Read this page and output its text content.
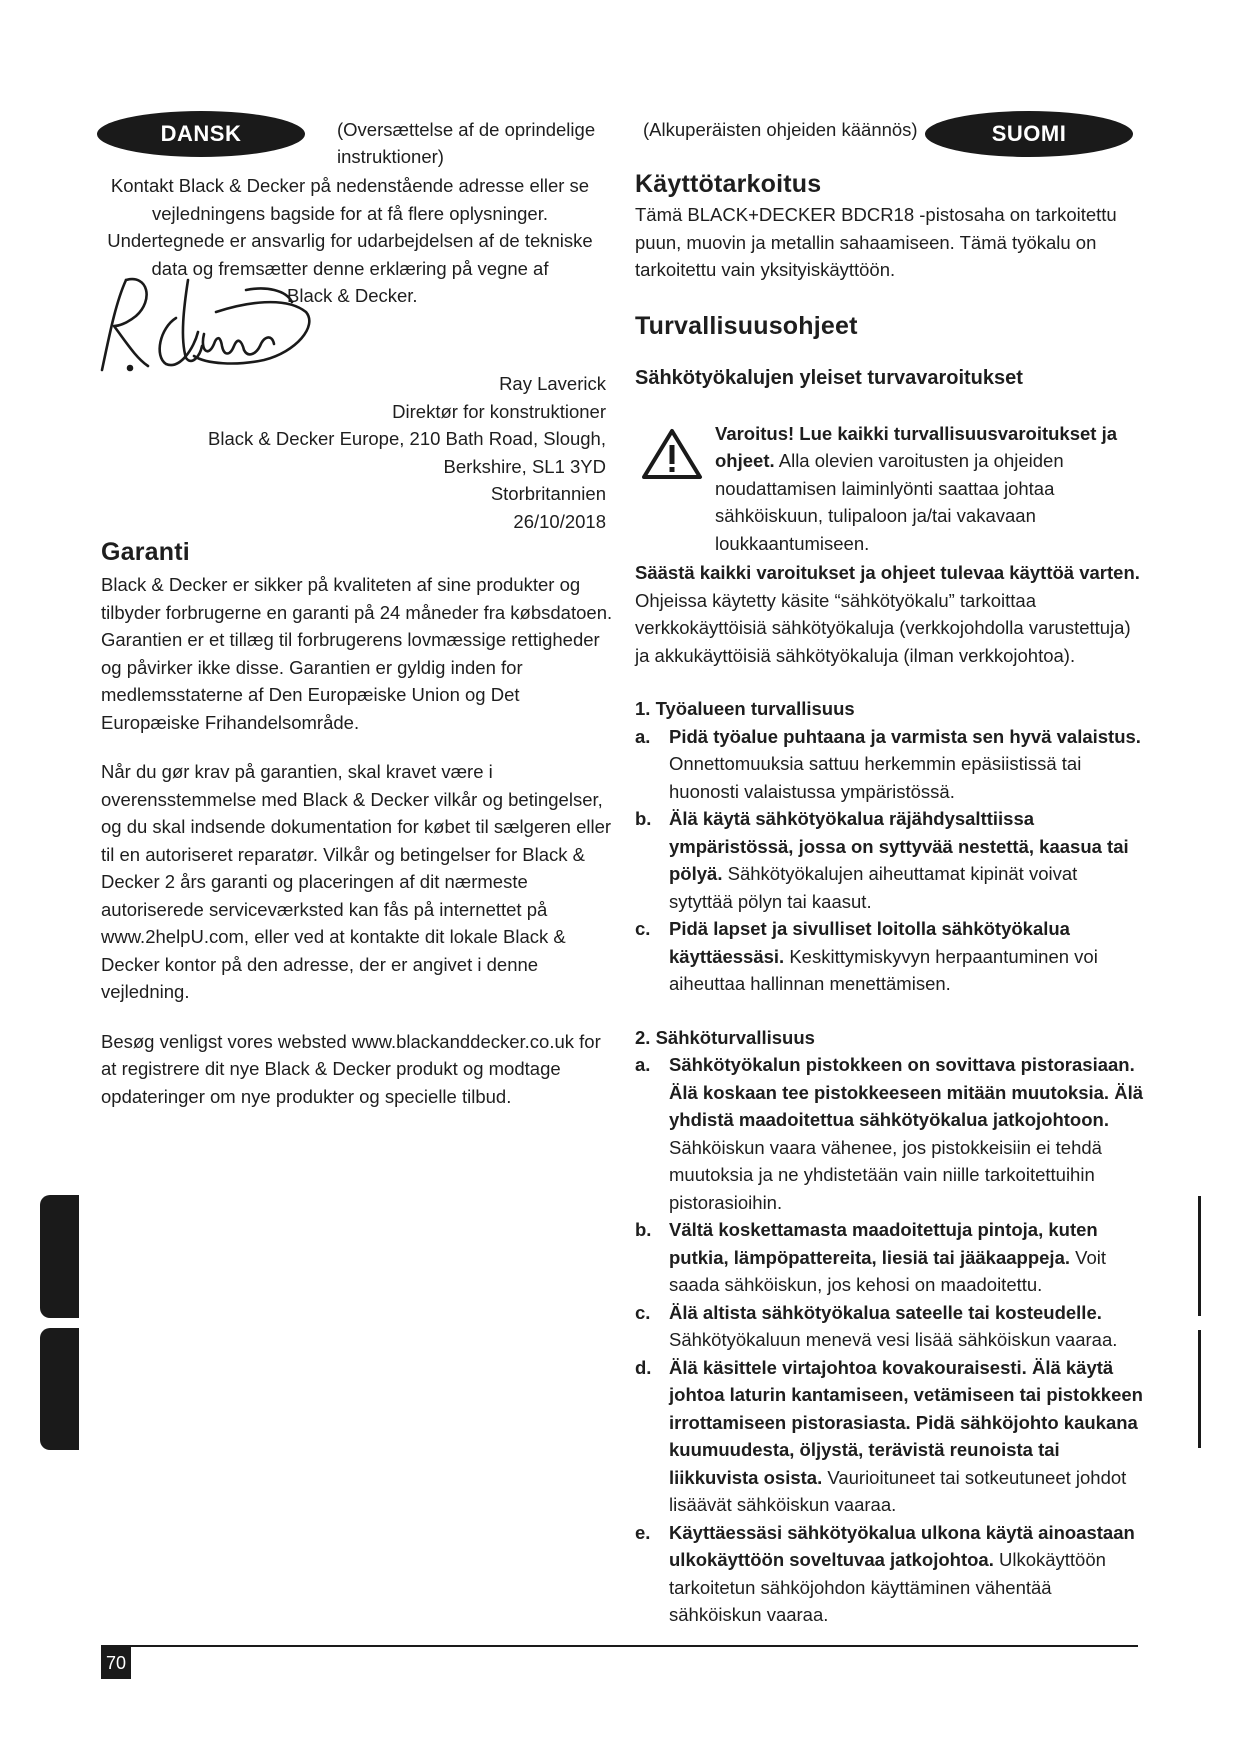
DANSK	SUOMI

(Oversættelse af de oprindelige instruktioner)

Kontakt Black & Decker på nedenstående adresse eller se

vejledningens bagside for at få flere oplysninger.

Undertegnede er ansvarlig for udarbejdelsen af de tekniske

data og fremsætter denne erklæring på vegne af

Black & Decker.

Ray Laverick

Direktør for konstruktioner

Black & Decker Europe, 210 Bath Road, Slough,

Berkshire, SL1 3YD

Storbritannien

26/10/2018

Garanti

Black & Decker er sikker på kvaliteten af sine produkter og tilbyder forbrugerne en garanti på 24 måneder fra købsdatoen. Garantien er et tillæg til forbrugerens lovmæssige rettigheder og påvirker ikke disse. Garantien er gyldig inden for medlemsstaterne af Den Europæiske Union og Det Europæiske Frihandelsområde.

Når du gør krav på garantien, skal kravet være i overensstemmelse med Black & Decker vilkår og betingelser, og du skal indsende dokumentation for købet til sælgeren eller til en autoriseret reparatør. Vilkår og betingelser for Black & Decker 2 års garanti og placeringen af dit nærmeste autoriserede serviceværksted kan fås på internettet på www.2helpU.com, eller ved at kontakte dit lokale Black & Decker kontor på den adresse, der er angivet i denne vejledning.

Besøg venligst vores websted www.blackanddecker.co.uk for at registrere dit nye Black & Decker produkt og modtage opdateringer om nye produkter og specielle tilbud.

(Alkuperäisten ohjeiden käännös)

Käyttötarkoitus

Tämä BLACK+DECKER BDCR18 -pistosaha on tarkoitettu puun, muovin ja metallin sahaamiseen. Tämä työkalu on tarkoitettu vain yksityiskäyttöön.

Turvallisuusohjeet
Sähkötyökalujen yleiset turvavaroitukset

Varoitus! Lue kaikki turvallisuusvaroitukset ja ohjeet. Alla olevien varoitusten ja ohjeiden noudattamisen laiminlyönti saattaa johtaa sähköiskuun, tulipaloon ja/tai vakavaan loukkaantumiseen.

Säästä kaikki varoitukset ja ohjeet tulevaa käyttöä varten.

Ohjeissa käytetty käsite “sähkötyökalu” tarkoittaa verkkokäyttöisiä sähkötyökaluja (verkkojohdolla varustettuja) ja akkukäyttöisiä sähkötyökaluja (ilman verkkojohtoa).

1. Työalueen turvallisuus

a. Pidä työalue puhtaana ja varmista sen hyvä valaistus. Onnettomuuksia sattuu herkemmin epäsiistissä tai huonosti valaistussa ympäristössä.

b. Älä käytä sähkötyökalua räjähdysalttiissa ympäristössä, jossa on syttyvää nestettä, kaasua tai pölyä. Sähkötyökalujen aiheuttamat kipinät voivat sytyttää pölyn tai kaasut.

c. Pidä lapset ja sivulliset loitolla sähkötyökalua käyttäessäsi. Keskittymiskyvyn herpaantuminen voi aiheuttaa hallinnan menettämisen.

2. Sähköturvallisuus

a. Sähkötyökalun pistokkeen on sovittava pistorasiaan. Älä koskaan tee pistokkeeseen mitään muutoksia. Älä yhdistä maadoitettua sähkötyökalua jatkojohtoon. Sähköiskun vaara vähenee, jos pistokkeisiin ei tehdä muutoksia ja ne yhdistetään vain niille tarkoitettuihin pistorasioihin.

b. Vältä koskettamasta maadoitettuja pintoja, kuten putkia, lämpöpattereita, liesiä tai jääkaappeja. Voit saada sähköiskun, jos kehosi on maadoitettu.

c. Älä altista sähkötyökalua sateelle tai kosteudelle. Sähkötyökaluun menevä vesi lisää sähköiskun vaaraa.

d. Älä käsittele virtajohtoa kovakouraisesti. Älä käytä johtoa laturin kantamiseen, vetämiseen tai pistokkeen irrottamiseen pistorasiasta. Pidä sähköjohto kaukana kuumuudesta, öljystä, terävistä reunoista tai liikkuvista osista. Vaurioituneet tai sotkeutuneet johdot lisäävät sähköiskun vaaraa.

e. Käyttäessäsi sähkötyökalua ulkona käytä ainoastaan ulkokäyttöön soveltuvaa jatkojohtoa. Ulkokäyttöön tarkoitetun sähköjohdon käyttäminen vähentää sähköiskun vaaraa.

70
